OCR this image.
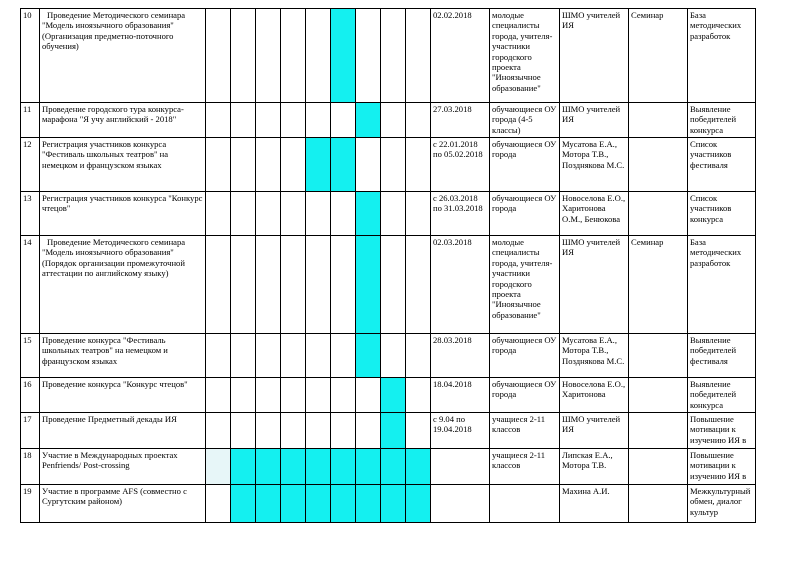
10	Проведение Методического семинара "Модель иноязычного образования" (Организация предметно-поточного обучения)										02.02.2018	молодые специалисты города, учителя-участники городского проекта "Иноязычное образование"	ШМО учителей ИЯ	Семинар	База методических разработок
11	Проведение городского тура конкурса-марафона "Я учу английский - 2018"										27.03.2018	обучающиеся ОУ города (4-5 классы)	ШМО учителей ИЯ		Выявление победителей конкурса
12	Регистрация участников конкурса "Фестиваль школьных театров" на немецком и французском языках										с 22.01.2018 по 05.02.2018	обучающиеся ОУ города	Мусатова Е.А., Мотора Т.В., Позднякова М.С.		Список участников фестиваля
13	Регистрация участников конкурса "Конкурс чтецов"										с 26.03.2018 по 31.03.2018	обучающиеся ОУ города	Новоселова Е.О., Харитонова О.М., Бенюкова		Список участников конкурса
14	Проведение Методического семинара "Модель иноязычного образования" (Порядок организации промежуточной аттестации по английскому языку)										02.03.2018	молодые специалисты города, учителя-участники городского проекта "Иноязычное образование"	ШМО учителей ИЯ	Семинар	База методических разработок
15	Проведение конкурса "Фестиваль школьных театров" на немецком и французском языках										28.03.2018	обучающиеся ОУ города	Мусатова Е.А., Мотора Т.В., Позднякова М.С.		Выявление победителей фестиваля
16	Проведение конкурса "Конкурс чтецов"										18.04.2018	обучающиеся ОУ города	Новоселова Е.О., Харитонова		Выявление победителей конкурса
17	Проведение Предметный декады ИЯ										с 9.04 по 19.04.2018	учащиеся 2-11 классов	ШМО учителей ИЯ		Повышение мотивации к изучению ИЯ в
18	Участие в Международных проектах Penfriends/ Post-crossing											учащиеся 2-11 классов	Липская Е.А., Мотора Т.В.		Повышение мотивации к изучению ИЯ в
19	Участие в программе AFS (совместно с Сургутским районом)												Махина А.И.		Межкультурный обмен, диалог культур
